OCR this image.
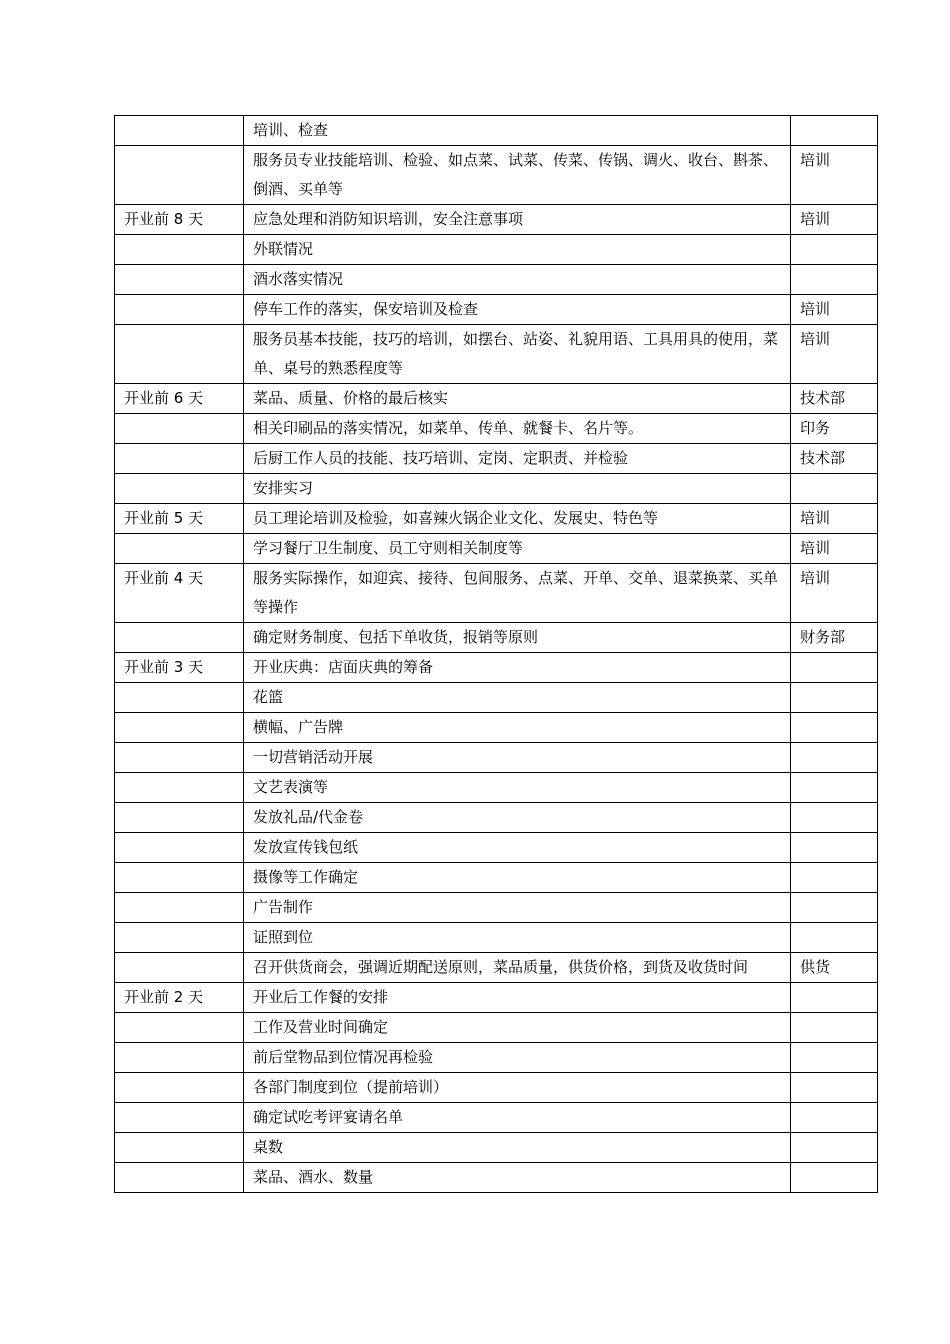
	培训、检查	
	服务员专业技能培训、检验、如点菜、试菜、传菜、传锅、调火、收台、斟茶、倒酒、买单等	培训
开业前 8 天	应急处理和消防知识培训，安全注意事项	培训
	外联情况	
	酒水落实情况	
	停车工作的落实，保安培训及检查	培训
	服务员基本技能，技巧的培训，如摆台、站姿、礼貌用语、工具用具的使用，菜单、桌号的熟悉程度等	培训
开业前 6 天	菜品、质量、价格的最后核实	技术部
	相关印刷品的落实情况，如菜单、传单、就餐卡、名片等。	印务
	后厨工作人员的技能、技巧培训、定岗、定职责、并检验	技术部
	安排实习	
开业前 5 天	员工理论培训及检验，如喜辣火锅企业文化、发展史、特色等	培训
	学习餐厅卫生制度、员工守则相关制度等	培训
开业前 4 天	服务实际操作，如迎宾、接待、包间服务、点菜、开单、交单、退菜换菜、买单等操作	培训
	确定财务制度、包括下单收货，报销等原则	财务部
开业前 3 天	开业庆典：店面庆典的筹备	
	花篮	
	横幅、广告牌	
	一切营销活动开展	
	文艺表演等	
	发放礼品/代金卷	
	发放宣传钱包纸	
	摄像等工作确定	
	广告制作	
	证照到位	
	召开供货商会，强调近期配送原则，菜品质量，供货价格，到货及收货时间	供货
开业前 2 天	开业后工作餐的安排	
	工作及营业时间确定	
	前后堂物品到位情况再检验	
	各部门制度到位（提前培训）	
	确定试吃考评宴请名单	
	桌数	
	菜品、酒水、数量	
